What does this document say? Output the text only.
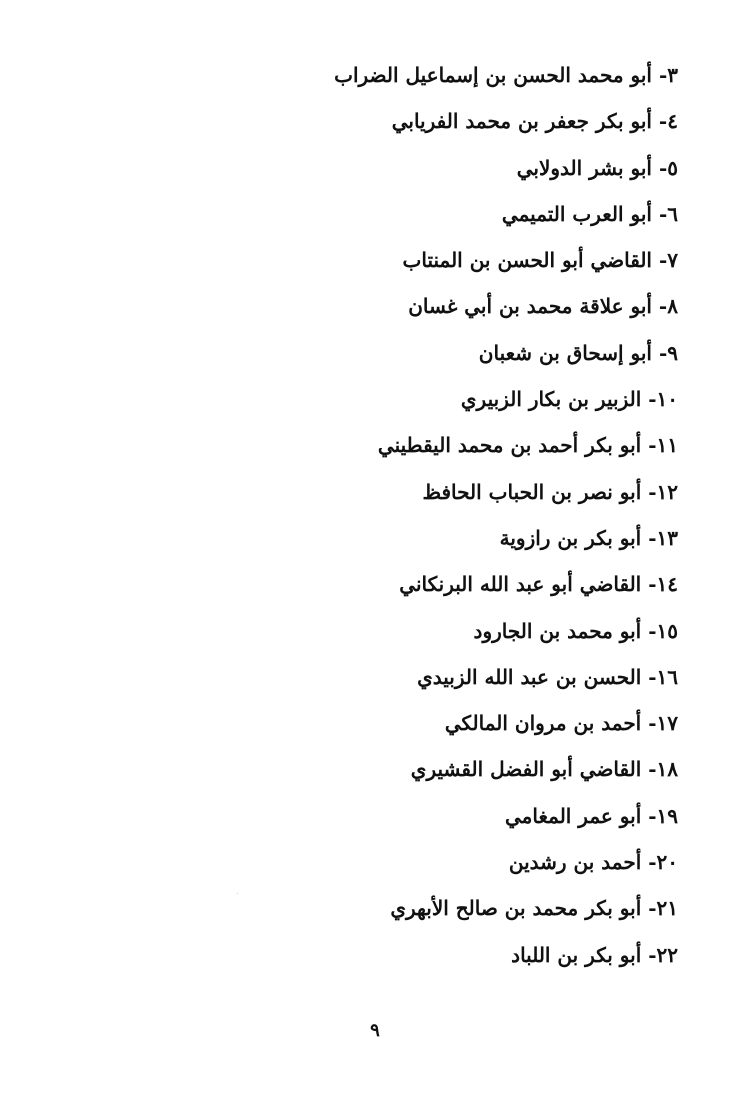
٣- أبو محمد الحسن بن إسماعيل الضراب
٤- أبو بكر جعفر بن محمد الفريابي
٥- أبو بشر الدولابي
٦- أبو العرب التميمي
٧- القاضي أبو الحسن بن المنتاب
٨- أبو علاقة محمد بن أبي غسان
٩- أبو إسحاق بن شعبان
١٠- الزبير بن بكار الزبيري
١١- أبو بكر أحمد بن محمد اليقطيني
١٢- أبو نصر بن الحباب الحافظ
١٣- أبو بكر بن رازوية
١٤- القاضي أبو عبد الله البرنكاني
١٥- أبو محمد بن الجارود
١٦- الحسن بن عبد الله الزبيدي
١٧- أحمد بن مروان المالكي
١٨- القاضي أبو الفضل القشيري
١٩- أبو عمر المغامي
٢٠- أحمد بن رشدين
٢١- أبو بكر محمد بن صالح الأبهري
٢٢- أبو بكر بن اللباد
٩
